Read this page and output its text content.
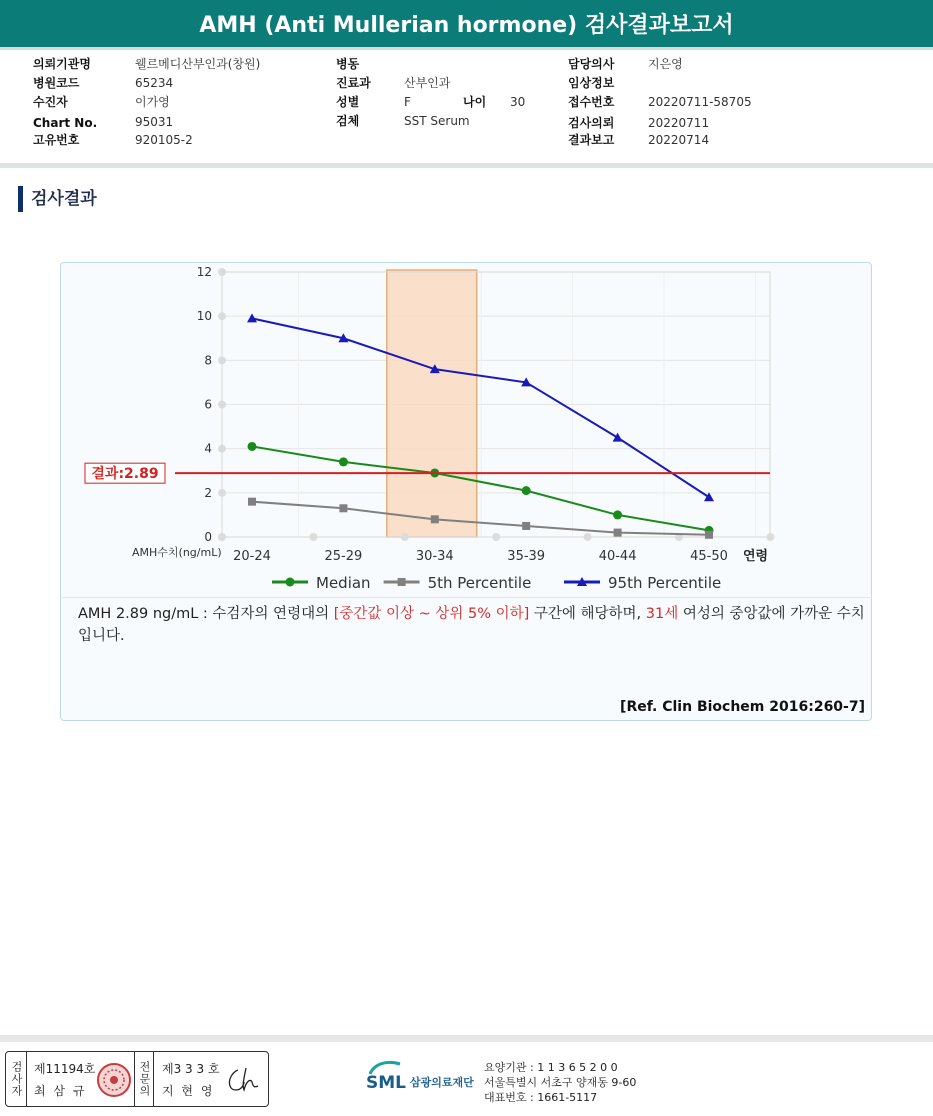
AMH (Anti Mullerian hormone) 검사결과보고서
의뢰기관명	웰르메디산부인과(창원)
병원코드	65234
수진자	이가영
Chart No.	95031
고유번호	920105-2
병동
진료과	산부인과
성별	F	나이 30
검체	SST Serum
담당의사	지은영
임상정보
접수번호	20220711-58705
검사의뢰	20220711
결과보고	20220714
검사결과
0
2
4
6
8
10
12
20-24	25-29	30-34	35-39	40-44	45-50 연령
AMH수치(ng/mL)
결과:2.89
Median	5th Percentile	95th Percentile
AMH 2.89 ng/mL : 수검자의 연령대의 [중간값 이상 ~ 상위 5% 이하] 구간에 해당하며, 31세 여성의 중앙값에 가까운 수치입니다.
[Ref. Clin Biochem 2016:260-7]
검사자 제11194호
최 삼 규	전문의 제3 3 3 호
지 현 영	SML 삼광의료재단
요양기관 : 1 1 3 6 5 2 0 0
서울특별시 서초구 양재동 9-60
대표번호 : 1661-5117
